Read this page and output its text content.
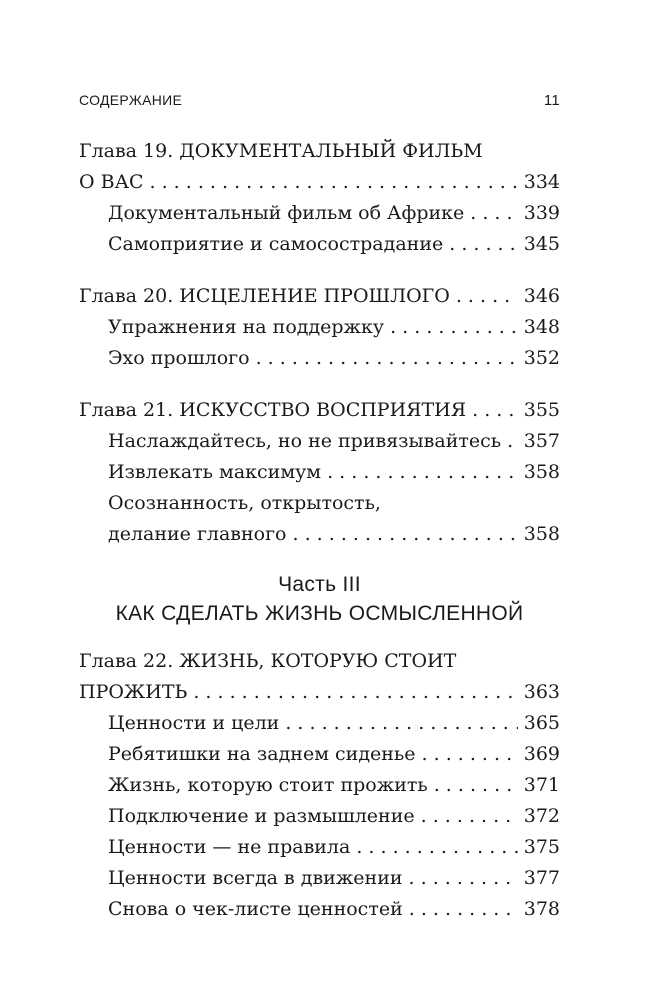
СОДЕРЖАНИЕ	11
Глава 19. ДОКУМЕНТАЛЬНЫЙ ФИЛЬМ
О ВАС . . .	334
Документальный фильм об Африке . . .	339
Самоприятие и самосострадание . . .	345
Глава 20. ИСЦЕЛЕНИЕ ПРОШЛОГО . . .	346
Упражнения на поддержку . . .	348
Эхо прошлого . . .	352
Глава 21. ИСКУССТВО ВОСПРИЯТИЯ . . .	355
Наслаждайтесь, но не привязывайтесь . . . 357
Извлекать максимум . . .	358
Осознанность, открытость,
делание главного . . .	358
Часть III
КАК СДЕЛАТЬ ЖИЗНЬ ОСМЫСЛЕННОЙ
Глава 22. ЖИЗНЬ, КОТОРУЮ СТОИТ
ПРОЖИТЬ . . .	363
Ценности и цели . . .	365
Ребятишки на заднем сиденье . . .	369
Жизнь, которую стоит прожить . . .	371
Подключение и размышление . . .	372
Ценности — не правила . . .	375
Ценности всегда в движении . . .	377
Снова о чек-листе ценностей . . .	378
